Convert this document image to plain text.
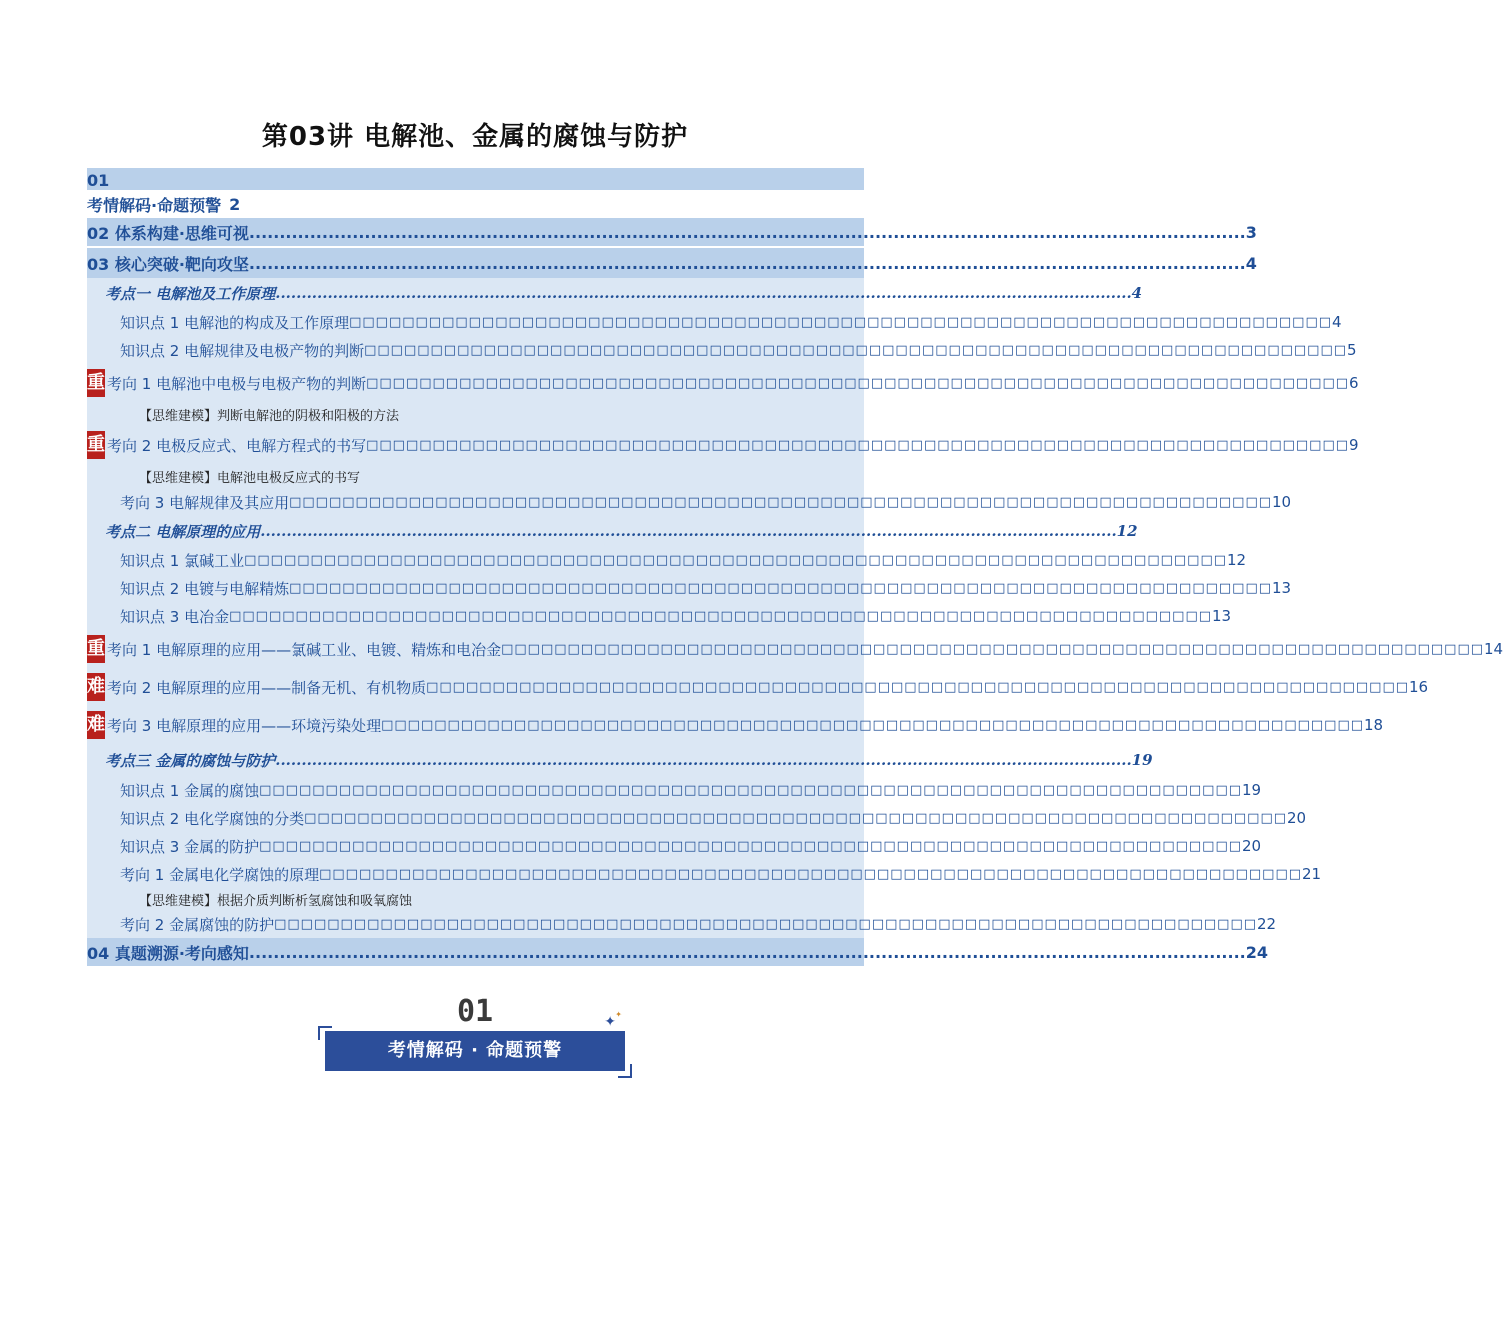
第03讲 电解池、金属的腐蚀与防护
01
考情解码·命题预警 2
02 体系构建·思维可视 .................................................................................................................................................................... 3
03 核心突破·靶向攻坚 .................................................................................................................................................................... 4
考点一 电解池及工作原理 .................................................................................................................................................................... 4
知识点 1 电解池的构成及工作原理 □□□□□□□□□□□□□□□□□□□□□□□□□□□□□□□□□□□□□□□□□□□□□□□□□□□□□□□□□□□□□□□□□□□□□□□□□□ 4
知识点 2 电解规律及电极产物的判断 □□□□□□□□□□□□□□□□□□□□□□□□□□□□□□□□□□□□□□□□□□□□□□□□□□□□□□□□□□□□□□□□□□□□□□□□□□ 5
重 考向 1 电解池中电极与电极产物的判断 □□□□□□□□□□□□□□□□□□□□□□□□□□□□□□□□□□□□□□□□□□□□□□□□□□□□□□□□□□□□□□□□□□□□□□□□□□ 6
【思维建模】判断电解池的阴极和阳极的方法
重 考向 2 电极反应式、电解方程式的书写 □□□□□□□□□□□□□□□□□□□□□□□□□□□□□□□□□□□□□□□□□□□□□□□□□□□□□□□□□□□□□□□□□□□□□□□□□□ 9
【思维建模】电解池电极反应式的书写
考向 3 电解规律及其应用 □□□□□□□□□□□□□□□□□□□□□□□□□□□□□□□□□□□□□□□□□□□□□□□□□□□□□□□□□□□□□□□□□□□□□□□□□□ 10
考点二 电解原理的应用 .................................................................................................................................................................... 12
知识点 1 氯碱工业 □□□□□□□□□□□□□□□□□□□□□□□□□□□□□□□□□□□□□□□□□□□□□□□□□□□□□□□□□□□□□□□□□□□□□□□□□□ 12
知识点 2 电镀与电解精炼 □□□□□□□□□□□□□□□□□□□□□□□□□□□□□□□□□□□□□□□□□□□□□□□□□□□□□□□□□□□□□□□□□□□□□□□□□□ 13
知识点 3 电冶金 □□□□□□□□□□□□□□□□□□□□□□□□□□□□□□□□□□□□□□□□□□□□□□□□□□□□□□□□□□□□□□□□□□□□□□□□□□ 13
重 考向 1 电解原理的应用——氯碱工业、电镀、精炼和电冶金 □□□□□□□□□□□□□□□□□□□□□□□□□□□□□□□□□□□□□□□□□□□□□□□□□□□□□□□□□□□□□□□□□□□□□□□□□□ 14
难 考向 2 电解原理的应用——制备无机、有机物质 □□□□□□□□□□□□□□□□□□□□□□□□□□□□□□□□□□□□□□□□□□□□□□□□□□□□□□□□□□□□□□□□□□□□□□□□□□ 16
难 考向 3 电解原理的应用——环境污染处理 □□□□□□□□□□□□□□□□□□□□□□□□□□□□□□□□□□□□□□□□□□□□□□□□□□□□□□□□□□□□□□□□□□□□□□□□□□ 18
考点三 金属的腐蚀与防护 .................................................................................................................................................................... 19
知识点 1 金属的腐蚀 □□□□□□□□□□□□□□□□□□□□□□□□□□□□□□□□□□□□□□□□□□□□□□□□□□□□□□□□□□□□□□□□□□□□□□□□□□ 19
知识点 2 电化学腐蚀的分类 □□□□□□□□□□□□□□□□□□□□□□□□□□□□□□□□□□□□□□□□□□□□□□□□□□□□□□□□□□□□□□□□□□□□□□□□□□ 20
知识点 3 金属的防护 □□□□□□□□□□□□□□□□□□□□□□□□□□□□□□□□□□□□□□□□□□□□□□□□□□□□□□□□□□□□□□□□□□□□□□□□□□ 20
考向 1 金属电化学腐蚀的原理 □□□□□□□□□□□□□□□□□□□□□□□□□□□□□□□□□□□□□□□□□□□□□□□□□□□□□□□□□□□□□□□□□□□□□□□□□□ 21
【思维建模】根据介质判断析氢腐蚀和吸氧腐蚀
考向 2 金属腐蚀的防护 □□□□□□□□□□□□□□□□□□□□□□□□□□□□□□□□□□□□□□□□□□□□□□□□□□□□□□□□□□□□□□□□□□□□□□□□□□ 22
04 真题溯源·考向感知 .................................................................................................................................................................... 24
01	✦ ✦
考情解码 · 命题预警
